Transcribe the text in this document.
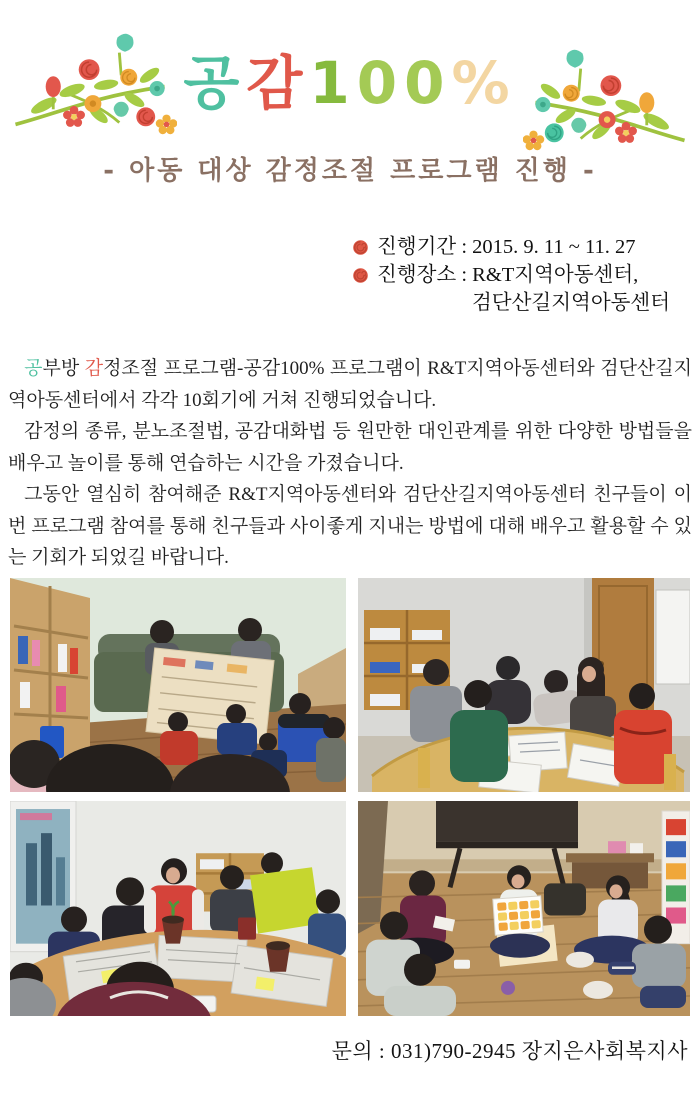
공감100%
- 아동 대상 감정조절 프로그램 진행 -
진행기간 : 2015. 9. 11 ~ 11. 27
진행장소 : R&T지역아동센터,
검단산길지역아동센터

공부방 감정조절 프로그램-공감100% 프로그램이 R&T지역아동센터와 검단산길지역아동센터에서 각각 10회기에 거쳐 진행되었습니다.

감정의 종류, 분노조절법, 공감대화법 등 원만한 대인관계를 위한 다양한 방법들을 배우고 놀이를 통해 연습하는 시간을 가졌습니다.

그동안 열심히 참여해준 R&T지역아동센터와 검단산길지역아동센터 친구들이 이번 프로그램 참여를 통해 친구들과 사이좋게 지내는 방법에 대해 배우고 활용할 수 있는 기회가 되었길 바랍니다.

문의 : 031)790-2945 장지은사회복지사
